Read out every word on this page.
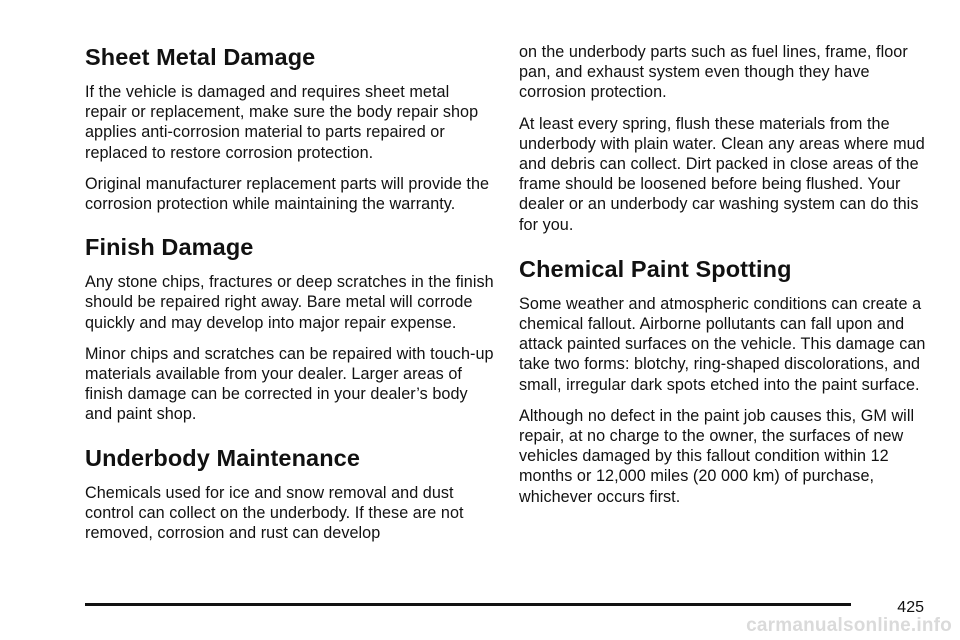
Sheet Metal Damage

If the vehicle is damaged and requires sheet metal repair or replacement, make sure the body repair shop applies anti-corrosion material to parts repaired or replaced to restore corrosion protection.

Original manufacturer replacement parts will provide the corrosion protection while maintaining the warranty.

Finish Damage

Any stone chips, fractures or deep scratches in the finish should be repaired right away. Bare metal will corrode quickly and may develop into major repair expense.

Minor chips and scratches can be repaired with touch-up materials available from your dealer. Larger areas of finish damage can be corrected in your dealer’s body and paint shop.

Underbody Maintenance

Chemicals used for ice and snow removal and dust control can collect on the underbody. If these are not removed, corrosion and rust can develop

on the underbody parts such as fuel lines, frame, floor pan, and exhaust system even though they have corrosion protection.

At least every spring, flush these materials from the underbody with plain water. Clean any areas where mud and debris can collect. Dirt packed in close areas of the frame should be loosened before being flushed. Your dealer or an underbody car washing system can do this for you.

Chemical Paint Spotting

Some weather and atmospheric conditions can create a chemical fallout. Airborne pollutants can fall upon and attack painted surfaces on the vehicle. This damage can take two forms: blotchy, ring-shaped discolorations, and small, irregular dark spots etched into the paint surface.

Although no defect in the paint job causes this, GM will repair, at no charge to the owner, the surfaces of new vehicles damaged by this fallout condition within 12 months or 12,000 miles (20 000 km) of purchase, whichever occurs first.

425
carmanualsonline.info
